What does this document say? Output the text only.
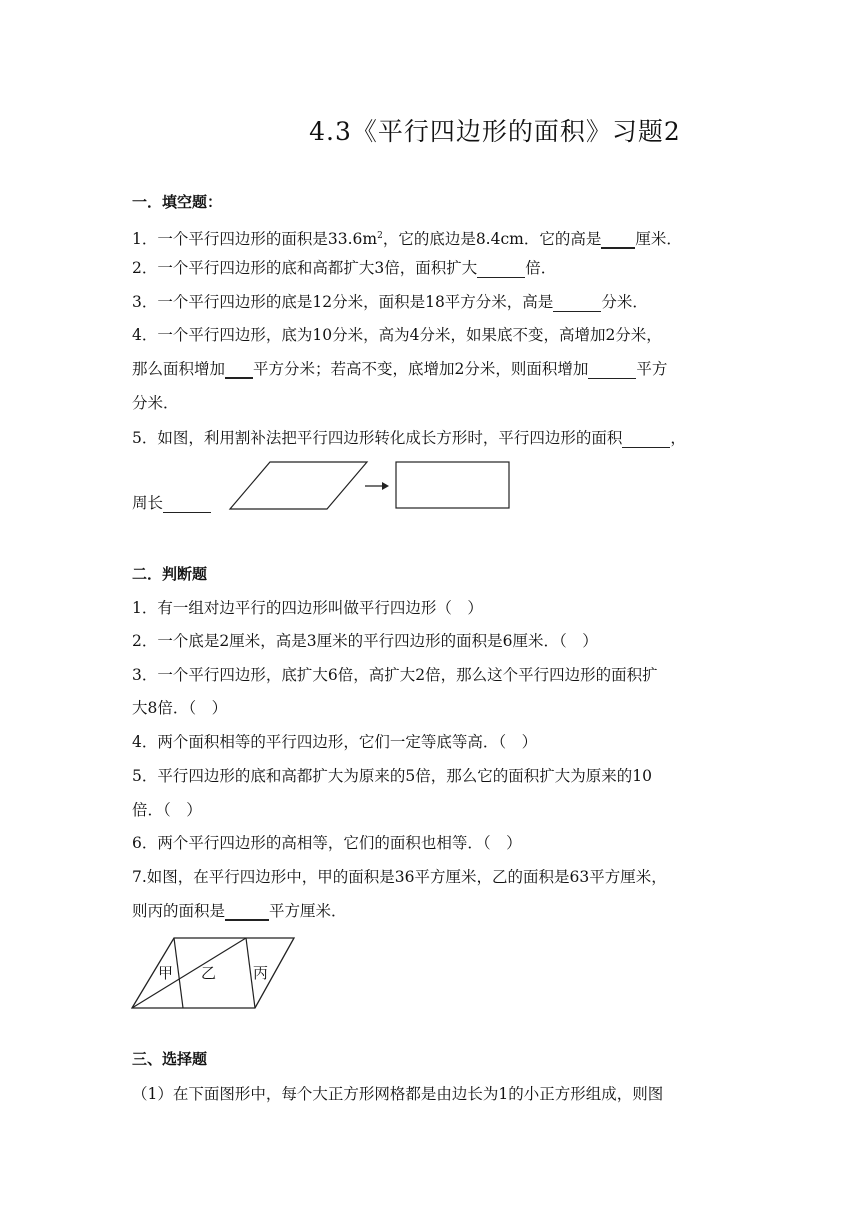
4.3《平行四边形的面积》习题2
一．填空题：
1．一个平行四边形的面积是$33.6m^2$，它的底边是8.4cm．它的高是 厘米．
2．一个平行四边形的底和高都扩大3倍，面积扩大	倍．
3．一个平行四边形的底是12分米，面积是18平方分米，高是	分米．
4．一个平行四边形，底为10分米，高为4分米，如果底不变，高增加2分米，
那么面积增加 平方分米；若高不变，底增加2分米，则面积增加	平方
分米．
5．如图，利用割补法把平行四边形转化成长方形时，平行四边形的面积	，
周长
二．判断题
1．有一组对边平行的四边形叫做平行四边形（　）
2．一个底是2厘米，高是3厘米的平行四边形的面积是6厘米．（　）
3．一个平行四边形，底扩大6倍，高扩大2倍，那么这个平行四边形的面积扩
大8倍．（　）
4．两个面积相等的平行四边形，它们一定等底等高．（　）
5．平行四边形的底和高都扩大为原来的5倍，那么它的面积扩大为原来的10
倍．（　）
6．两个平行四边形的高相等，它们的面积也相等．（　）
7.如图，在平行四边形中，甲的面积是36平方厘米，乙的面积是63平方厘米，
则丙的面积是	平方厘米．
甲 乙 丙
三、选择题
（1）在下面图形中，每个大正方形网格都是由边长为1的小正方形组成，则图
